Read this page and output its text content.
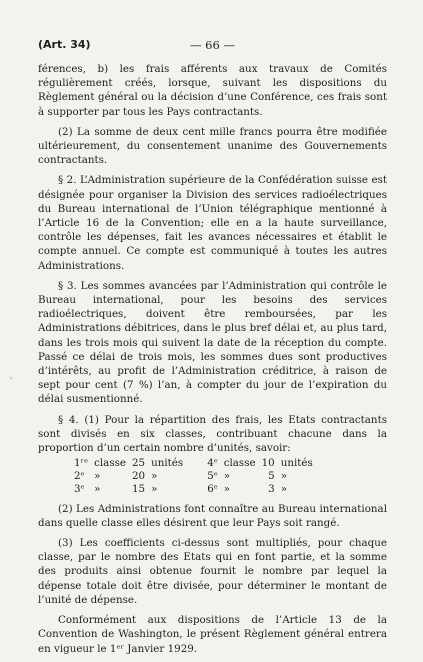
(Art. 34)	— 66 —

férences, b) les frais afférents aux travaux de Comités régulièrement créés, lorsque, suivant les dispositions du Règlement général ou la décision d’une Conférence, ces frais sont à supporter par tous les Pays contractants.

(2) La somme de deux cent mille francs pourra être modifiée ultérieurement, du consentement unanime des Gouvernements contractants.

§ 2. L’Administration supérieure de la Confédération suisse est désignée pour organiser la Division des services radioélectriques du Bureau international de l’Union télégraphique mentionné à l’Article 16 de la Convention; elle en a la haute surveillance, contrôle les dépenses, fait les avances nécessaires et établit le compte annuel. Ce compte est communiqué à toutes les autres Administrations.

§ 3. Les sommes avancées par l’Administration qui contrôle le Bureau international, pour les besoins des services radioélectriques, doivent être remboursées, par les Administrations débitrices, dans le plus bref délai et, au plus tard, dans les trois mois qui suivent la date de la réception du compte. Passé ce délai de trois mois, les sommes dues sont productives d’intérêts, au profit de l’Administration créditrice, à raison de sept pour cent (7 %) l’an, à compter du jour de l’expiration du délai susmentionné.

§ 4. (1) Pour la répartition des frais, les Etats contractants sont divisés en six classes, contribuant chacune dans la proportion d’un certain nombre d’unités, savoir:

1ʳᵉ	classe	25	unités		4ᵉ	classe	10	unités
2ᵉ	»	20	»		5ᵉ	»	5	»
3ᵉ	»	15	»		6ᵉ	»	3	»

(2) Les Administrations font connaître au Bureau international dans quelle classe elles désirent que leur Pays soit rangé.

(3) Les coefficients ci-dessus sont multipliés, pour chaque classe, par le nombre des Etats qui en font partie, et la somme des produits ainsi obtenue fournit le nombre par lequel la dépense totale doit être divisée, pour déterminer le montant de l’unité de dépense.

Conformément aux dispositions de l’Article 13 de la Convention de Washington, le présent Règlement général entrera en vigueur le 1ᵉʳ Janvier 1929.

'
